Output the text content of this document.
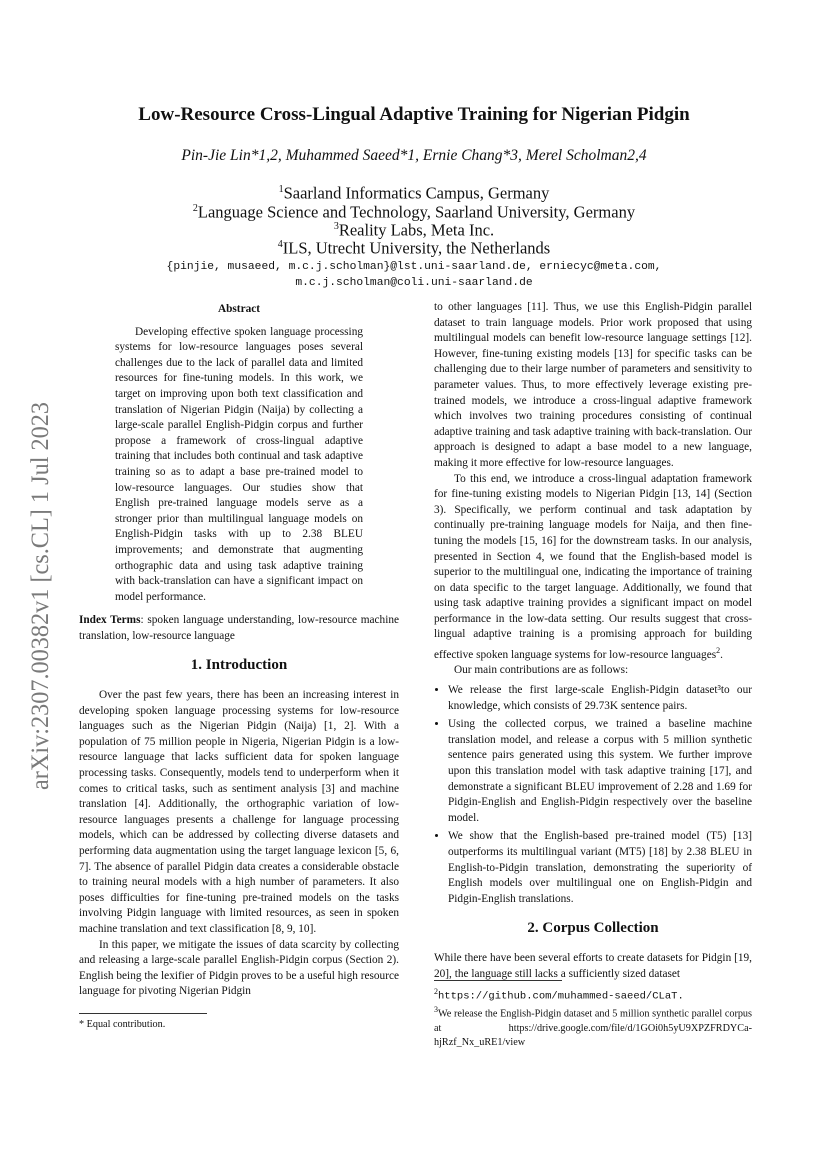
arXiv:2307.00382v1 [cs.CL] 1 Jul 2023
Low-Resource Cross-Lingual Adaptive Training for Nigerian Pidgin
Pin-Jie Lin*1,2, Muhammed Saeed*1, Ernie Chang*3, Merel Scholman2,4
$^1$Saarland Informatics Campus, Germany
$^2$Language Science and Technology, Saarland University, Germany
$^3$Reality Labs, Meta Inc.
$^4$ILS, Utrecht University, the Netherlands
{pinjie, musaeed, m.c.j.scholman}@lst.uni-saarland.de, erniecyc@meta.com,
m.c.j.scholman@coli.uni-saarland.de
Abstract

Developing effective spoken language processing systems for low-resource languages poses several challenges due to the lack of parallel data and limited resources for fine-tuning models. In this work, we target on improving upon both text classification and translation of Nigerian Pidgin (Naija) by collecting a large-scale parallel English-Pidgin corpus and further propose a framework of cross-lingual adaptive training that includes both continual and task adaptive training so as to adapt a base pre-trained model to low-resource languages. Our studies show that English pre-trained language models serve as a stronger prior than multilingual language models on English-Pidgin tasks with up to 2.38 BLEU improvements; and demonstrate that augmenting orthographic data and using task adaptive training with back-translation can have a significant impact on model performance.

Index Terms: spoken language understanding, low-resource machine translation, low-resource language

1. Introduction

Over the past few years, there has been an increasing interest in developing spoken language processing systems for low-resource languages such as the Nigerian Pidgin (Naija) [1, 2]. With a population of 75 million people in Nigeria, Nigerian Pidgin is a low-resource language that lacks sufficient data for spoken language processing tasks. Consequently, models tend to underperform when it comes to critical tasks, such as sentiment analysis [3] and machine translation [4]. Additionally, the orthographic variation of low-resource languages presents a challenge for language processing models, which can be addressed by collecting diverse datasets and performing data augmentation using the target language lexicon [5, 6, 7]. The absence of parallel Pidgin data creates a considerable obstacle to training neural models with a high number of parameters. It also poses difficulties for fine-tuning pre-trained models on the tasks involving Pidgin language with limited resources, as seen in spoken machine translation and text classification [8, 9, 10].

In this paper, we mitigate the issues of data scarcity by collecting and releasing a large-scale parallel English-Pidgin corpus (Section 2). English being the lexifier of Pidgin proves to be a useful high resource language for pivoting Nigerian Pidgin

* Equal contribution.

to other languages [11]. Thus, we use this English-Pidgin parallel dataset to train language models. Prior work proposed that using multilingual models can benefit low-resource language settings [12]. However, fine-tuning existing models [13] for specific tasks can be challenging due to their large number of parameters and sensitivity to parameter values. Thus, to more effectively leverage existing pre-trained models, we introduce a cross-lingual adaptive framework which involves two training procedures consisting of continual adaptive training and task adaptive training with back-translation. Our approach is designed to adapt a base model to a new language, making it more effective for low-resource languages.

To this end, we introduce a cross-lingual adaptation framework for fine-tuning existing models to Nigerian Pidgin [13, 14] (Section 3). Specifically, we perform continual and task adaptation by continually pre-training language models for Naija, and then fine-tuning the models [15, 16] for the downstream tasks. In our analysis, presented in Section 4, we found that the English-based model is superior to the multilingual one, indicating the importance of training on data specific to the target language. Additionally, we found that using task adaptive training provides a significant impact on model performance in the low-data setting. Our results suggest that cross-lingual adaptive training is a promising approach for building effective spoken language systems for low-resource languages$^2$.

Our main contributions are as follows:

• We release the first large-scale English-Pidgin dataset³to our knowledge, which consists of 29.73K sentence pairs.
• Using the collected corpus, we trained a baseline machine translation model, and release a corpus with 5 million synthetic sentence pairs generated using this system. We further improve upon this translation model with task adaptive training [17], and demonstrate a significant BLEU improvement of 2.28 and 1.69 for Pidgin-English and English-Pidgin respectively over the baseline model.
• We show that the English-based pre-trained model (T5) [13] outperforms its multilingual variant (MT5) [18] by 2.38 BLEU in English-to-Pidgin translation, demonstrating the superiority of English models over multilingual one on English-Pidgin and Pidgin-English translations.
2. Corpus Collection

While there have been several efforts to create datasets for Pidgin [19, 20], the language still lacks a sufficiently sized dataset

$^2$https://github.com/muhammed-saeed/CLaT.
$^3$We release the English-Pidgin dataset and 5 million synthetic parallel corpus at https://drive.google.com/file/d/1GOi0h5yU9XPZFRDYCa-hjRzf_Nx_uRE1/view
